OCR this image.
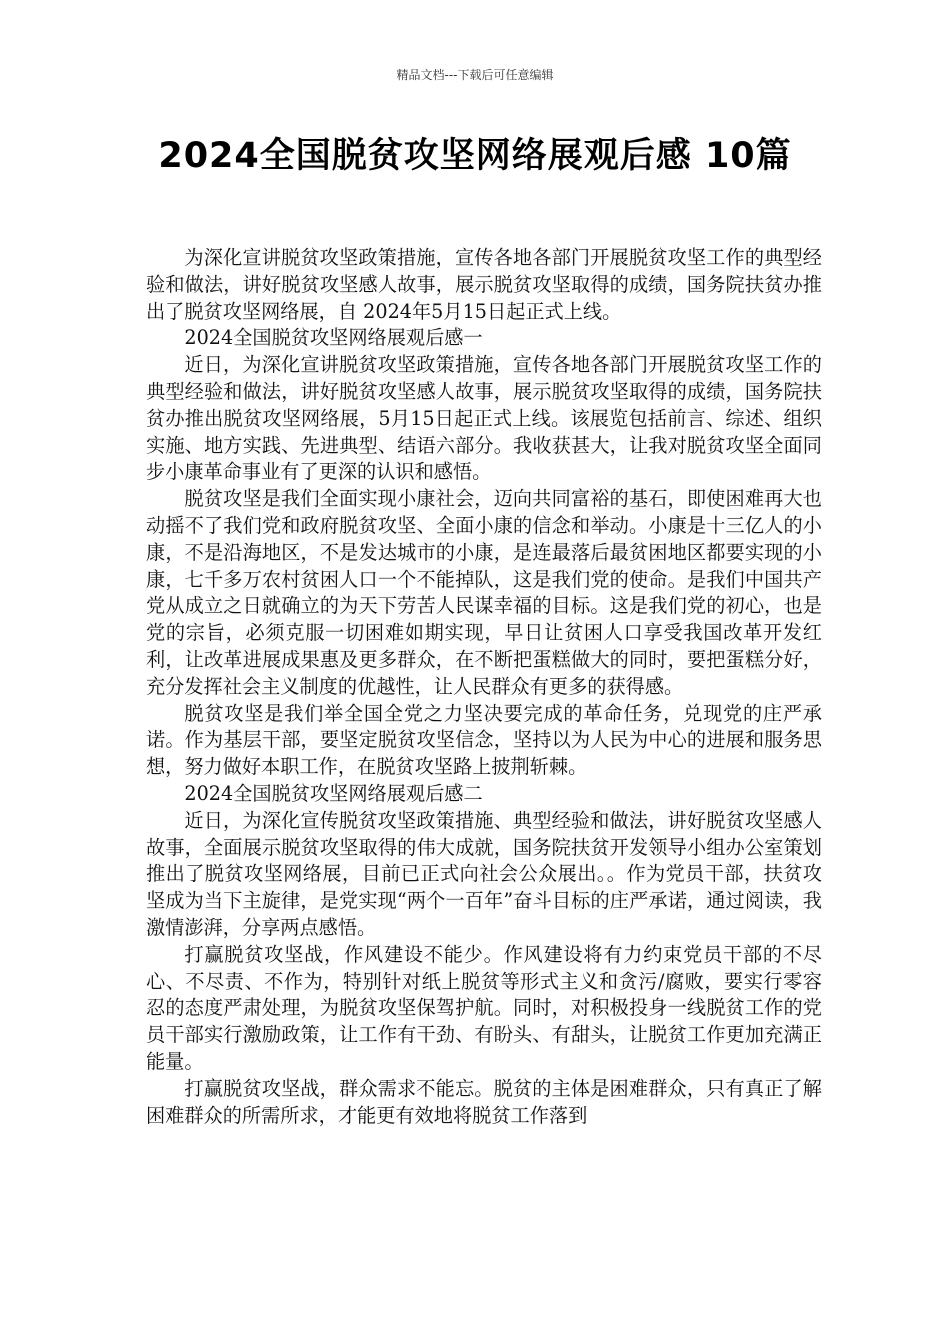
精品文档---下载后可任意编辑
2024全国脱贫攻坚网络展观后感 10篇

为深化宣讲脱贫攻坚政策措施，宣传各地各部门开展脱贫攻坚工作的典型经验和做法，讲好脱贫攻坚感人故事，展示脱贫攻坚取得的成绩，国务院扶贫办推出了脱贫攻坚网络展，自 2024年5月15日起正式上线。

2024全国脱贫攻坚网络展观后感一

近日，为深化宣讲脱贫攻坚政策措施，宣传各地各部门开展脱贫攻坚工作的典型经验和做法，讲好脱贫攻坚感人故事，展示脱贫攻坚取得的成绩，国务院扶贫办推出脱贫攻坚网络展，5月15日起正式上线。该展览包括前言、综述、组织实施、地方实践、先进典型、结语六部分。我收获甚大，让我对脱贫攻坚全面同步小康革命事业有了更深的认识和感悟。

脱贫攻坚是我们全面实现小康社会，迈向共同富裕的基石，即使困难再大也动摇不了我们党和政府脱贫攻坚、全面小康的信念和举动。小康是十三亿人的小康，不是沿海地区，不是发达城市的小康，是连最落后最贫困地区都要实现的小康，七千多万农村贫困人口一个不能掉队，这是我们党的使命。是我们中国共产党从成立之日就确立的为天下劳苦人民谋幸福的目标。这是我们党的初心，也是党的宗旨，必须克服一切困难如期实现，早日让贫困人口享受我国改革开发红利，让改革进展成果惠及更多群众，在不断把蛋糕做大的同时，要把蛋糕分好，充分发挥社会主义制度的优越性，让人民群众有更多的获得感。

脱贫攻坚是我们举全国全党之力坚决要完成的革命任务，兑现党的庄严承诺。作为基层干部，要坚定脱贫攻坚信念，坚持以为人民为中心的进展和服务思想，努力做好本职工作，在脱贫攻坚路上披荆斩棘。

2024全国脱贫攻坚网络展观后感二

近日，为深化宣传脱贫攻坚政策措施、典型经验和做法，讲好脱贫攻坚感人故事，全面展示脱贫攻坚取得的伟大成就，国务院扶贫开发领导小组办公室策划推出了脱贫攻坚网络展，目前已正式向社会公众展出。。作为党员干部，扶贫攻坚成为当下主旋律，是党实现“两个一百年”奋斗目标的庄严承诺，通过阅读，我激情澎湃，分享两点感悟。

打赢脱贫攻坚战，作风建设不能少。作风建设将有力约束党员干部的不尽心、不尽责、不作为，特别针对纸上脱贫等形式主义和贪污/腐败，要实行零容忍的态度严肃处理，为脱贫攻坚保驾护航。同时，对积极投身一线脱贫工作的党员干部实行激励政策，让工作有干劲、有盼头、有甜头，让脱贫工作更加充满正能量。

打赢脱贫攻坚战，群众需求不能忘。脱贫的主体是困难群众，只有真正了解困难群众的所需所求，才能更有效地将脱贫工作落到
